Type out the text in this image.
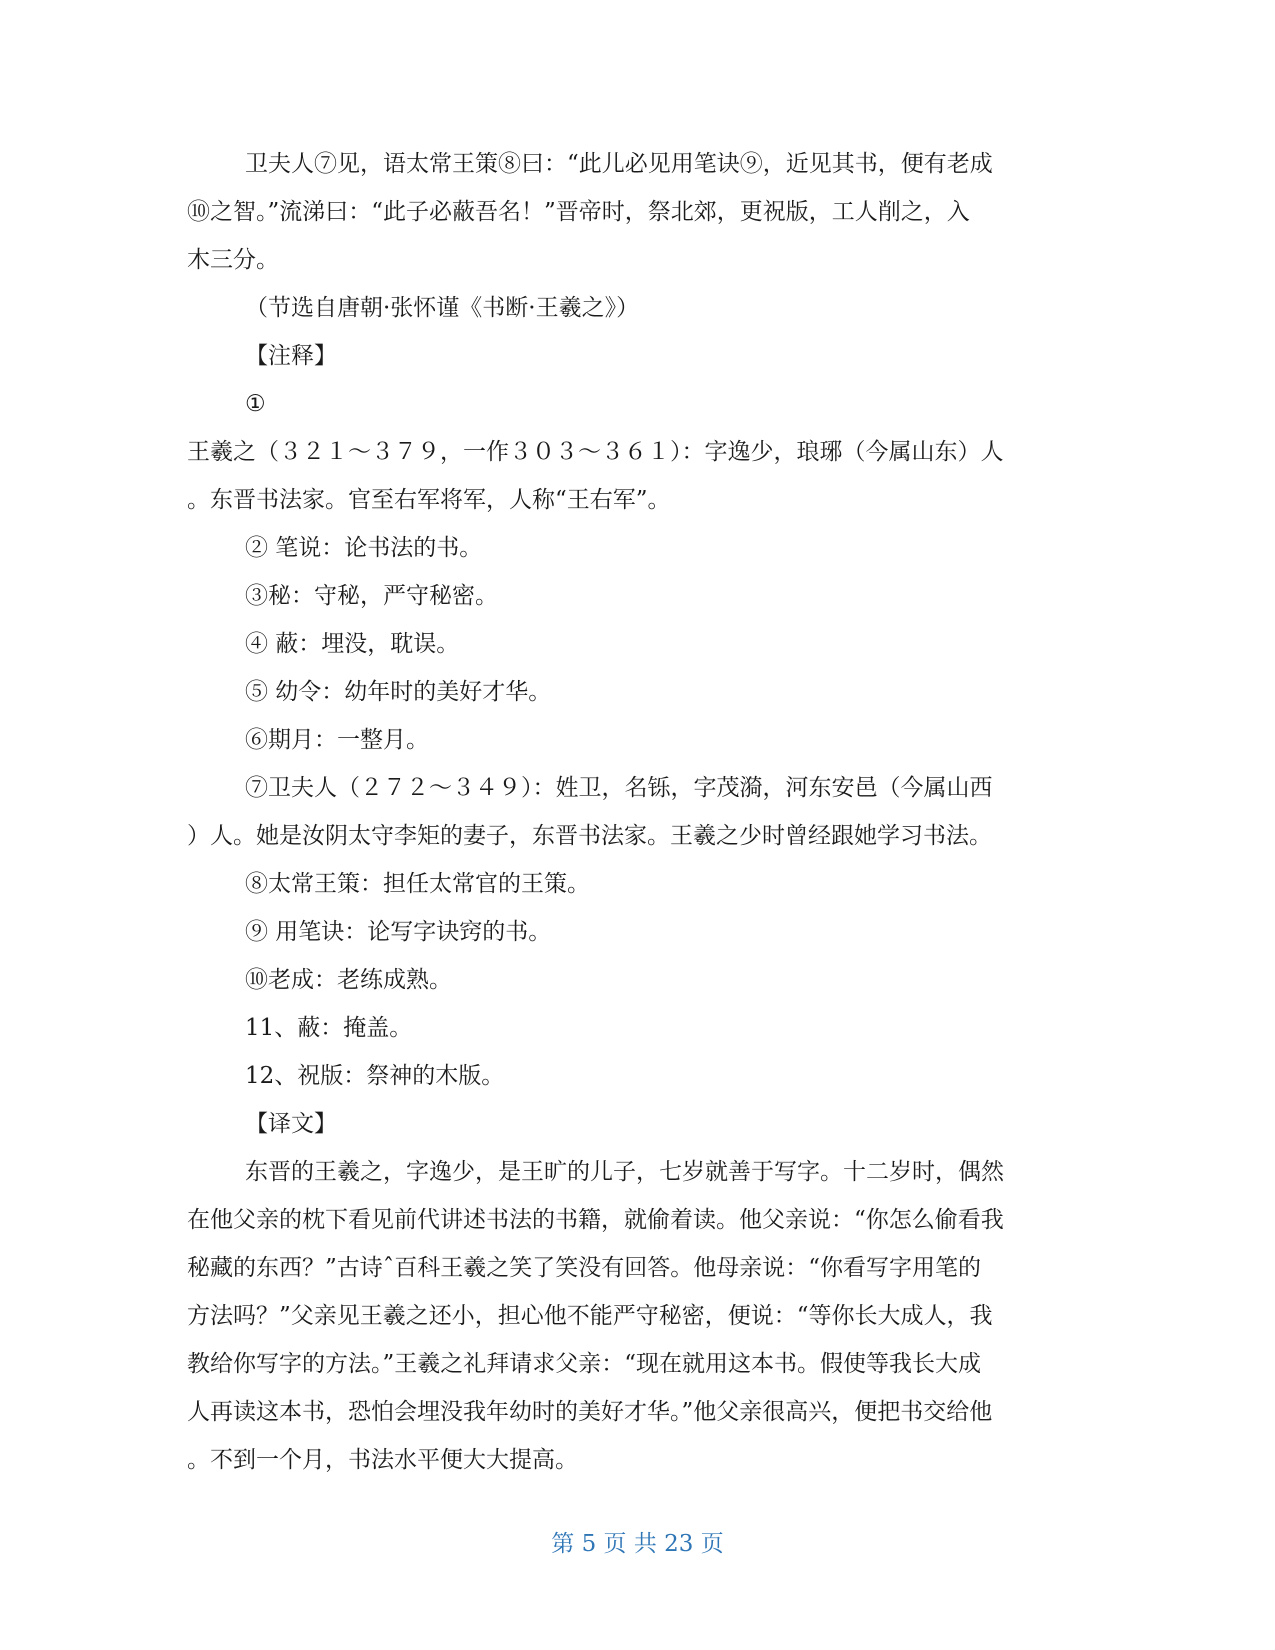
卫夫人⑦见，语太常王策⑧曰：“此儿必见用笔诀⑨，近见其书，便有老成
⑩之智。”流涕曰：“此子必蔽吾名！”晋帝时，祭北郊，更祝版，工人削之，入
木三分。
（节选自唐朝·张怀谨《书断·王羲之》）
【注释】
①
王羲之（３２１～３７９，一作３０３～３６１）：字逸少，琅琊（今属山东）人
。东晋书法家。官至右军将军，人称“王右军”。
② 笔说：论书法的书。
③秘：守秘，严守秘密。
④ 蔽：埋没，耽误。
⑤ 幼令：幼年时的美好才华。
⑥期月：一整月。
⑦卫夫人（２７２～３４９）：姓卫，名铄，字茂漪，河东安邑（今属山西
）人。她是汝阴太守李矩的妻子，东晋书法家。王羲之少时曾经跟她学习书法。
⑧太常王策：担任太常官的王策。
⑨ 用笔诀：论写字诀窍的书。
⑩老成：老练成熟。
11、蔽：掩盖。
12、祝版：祭神的木版。
【译文】
东晋的王羲之，字逸少，是王旷的儿子，七岁就善于写字。十二岁时，偶然
在他父亲的枕下看见前代讲述书法的书籍，就偷着读。他父亲说：“你怎么偷看我
秘藏的东西？”古诗ˆ百科王羲之笑了笑没有回答。他母亲说：“你看写字用笔的
方法吗？”父亲见王羲之还小，担心他不能严守秘密，便说：“等你长大成人，我
教给你写字的方法。”王羲之礼拜请求父亲：“现在就用这本书。假使等我长大成
人再读这本书，恐怕会埋没我年幼时的美好才华。”他父亲很高兴，便把书交给他
。不到一个月，书法水平便大大提高。
第 5 页 共 23 页
